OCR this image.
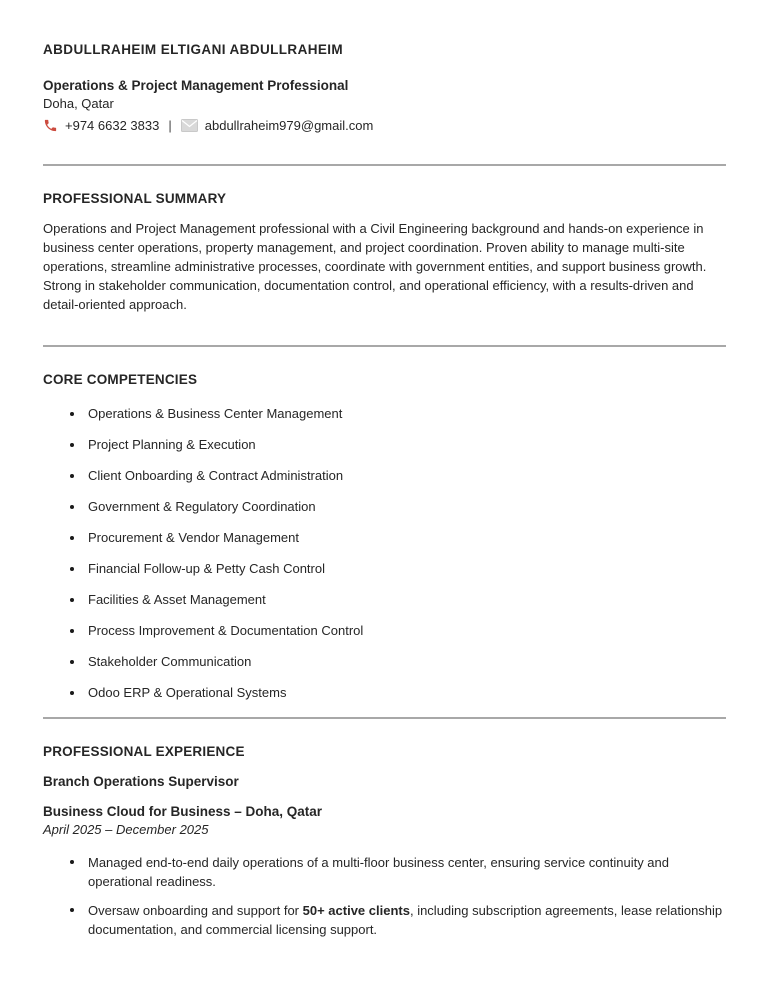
ABDULLRAHEIM ELTIGANI ABDULLRAHEIM

Operations & Project Management Professional

Doha, Qatar

+974 6632 3833 |	abdullraheim979@gmail.com

PROFESSIONAL SUMMARY

Operations and Project Management professional with a Civil Engineering background and hands-on experience in business center operations, property management, and project coordination. Proven ability to manage multi-site operations, streamline administrative processes, coordinate with government entities, and support business growth. Strong in stakeholder communication, documentation control, and operational efficiency, with a results-driven and detail-oriented approach.

CORE COMPETENCIES

Operations & Business Center Management
Project Planning & Execution
Client Onboarding & Contract Administration
Government & Regulatory Coordination
Procurement & Vendor Management
Financial Follow-up & Petty Cash Control
Facilities & Asset Management
Process Improvement & Documentation Control
Stakeholder Communication
Odoo ERP & Operational Systems

PROFESSIONAL EXPERIENCE

Branch Operations Supervisor

Business Cloud for Business – Doha, Qatar

April 2025 – December 2025

Managed end-to-end daily operations of a multi-floor business center, ensuring service continuity and operational readiness.
Oversaw onboarding and support for 50+ active clients, including subscription agreements, lease relationship documentation, and commercial licensing support.
